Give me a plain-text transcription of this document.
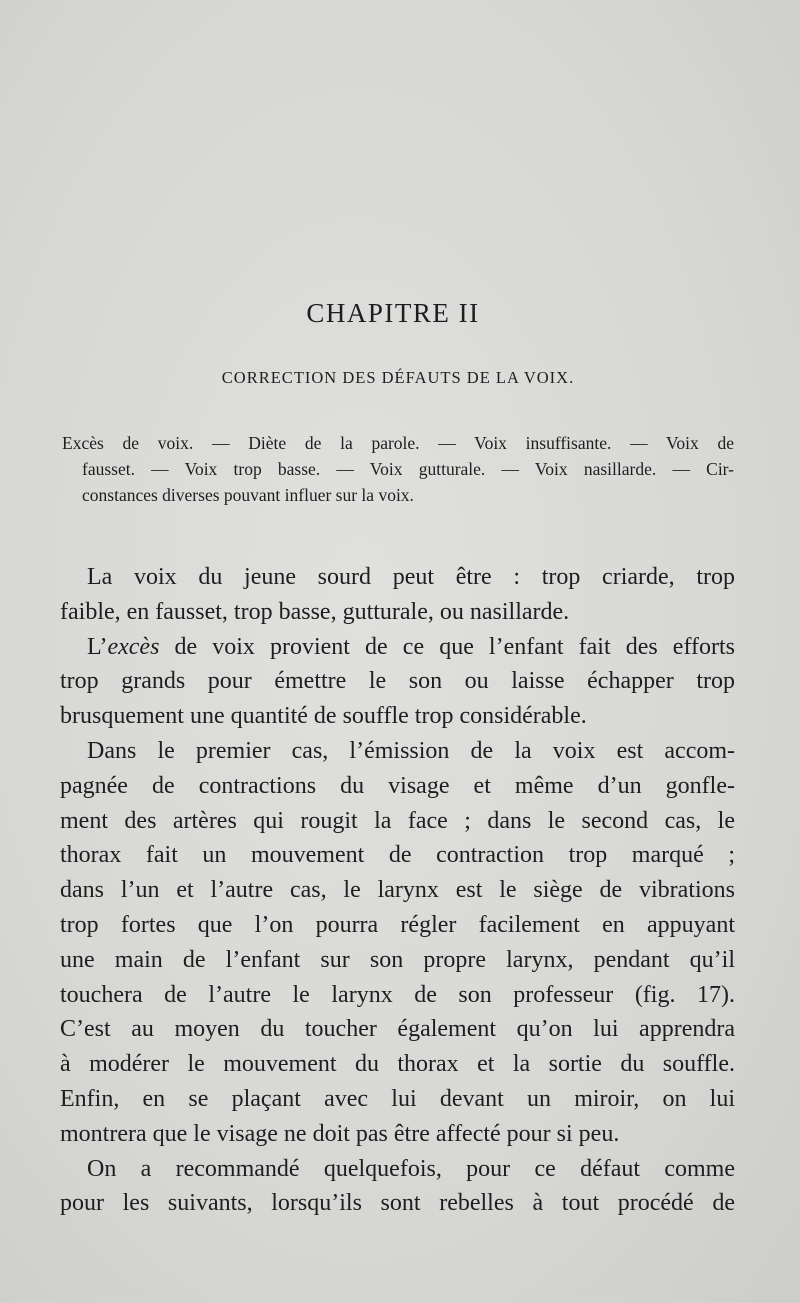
CHAPITRE II
CORRECTION DES DÉFAUTS DE LA VOIX.
Excès de voix. — Diète de la parole. — Voix insuffisante. — Voix de
fausset. — Voix trop basse. — Voix gutturale. — Voix nasillarde. — Cir-
constances diverses pouvant influer sur la voix.
La voix du jeune sourd peut être : trop criarde, trop
faible, en fausset, trop basse, gutturale, ou nasillarde.
L’excès de voix provient de ce que l’enfant fait des efforts
trop grands pour émettre le son ou laisse échapper trop
brusquement une quantité de souffle trop considérable.
Dans le premier cas, l’émission de la voix est accom-
pagnée de contractions du visage et même d’un gonfle-
ment des artères qui rougit la face ; dans le second cas, le
thorax fait un mouvement de contraction trop marqué ;
dans l’un et l’autre cas, le larynx est le siège de vibrations
trop fortes que l’on pourra régler facilement en appuyant
une main de l’enfant sur son propre larynx, pendant qu’il
touchera de l’autre le larynx de son professeur (fig. 17).
C’est au moyen du toucher également qu’on lui apprendra
à modérer le mouvement du thorax et la sortie du souffle.
Enfin, en se plaçant avec lui devant un miroir, on lui
montrera que le visage ne doit pas être affecté pour si peu.
On a recommandé quelquefois, pour ce défaut comme
pour les suivants, lorsqu’ils sont rebelles à tout procédé de
